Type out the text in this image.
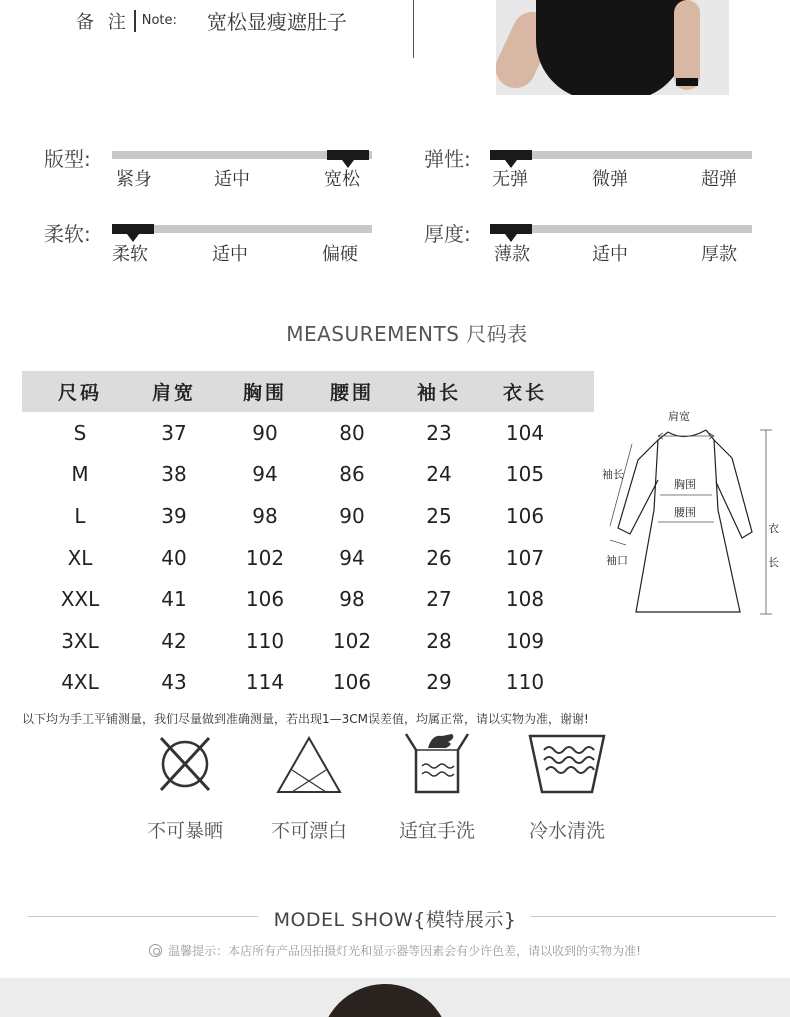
备 注 Note: 宽松显瘦遮肚子
版型:
紧身	适中	宽松
弹性:
无弹	微弹	超弹
柔软:
柔软	适中	偏硬
厚度:
薄款	适中	厚款
MEASUREMENTS 尺码表
尺码	肩宽	胸围	腰围	袖长	衣长
S	37	90	80	23	104
M	38	94	86	24	105
L	39	98	90	25	106
XL	40	102	94	26	107
XXL	41	106	98	27	108
3XL	42	110	102	28	109
4XL	43	114	106	29	110
肩宽
袖长
胸围
腰围
袖口
衣
长
以下均为手工平铺测量，我们尽量做到准确测量，若出现1—3CM误差值，均属正常，请以实物为准，谢谢!
不可暴晒	不可漂白	适宜手洗	冷水清洗
MODEL SHOW{模特展示}
温馨提示：本店所有产品因拍摄灯光和显示器等因素会有少许色差，请以收到的实物为准!
